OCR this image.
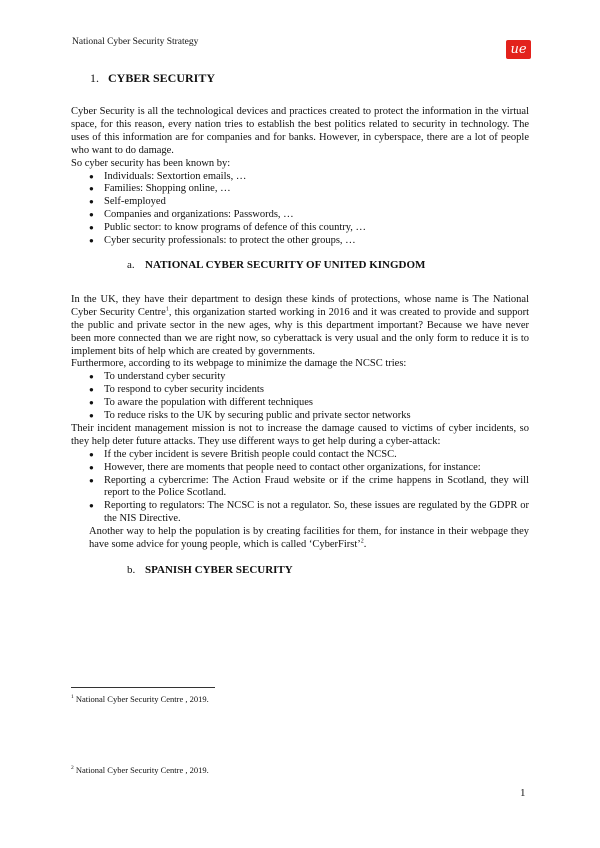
National Cyber Security Strategy	ue
1. CYBER SECURITY

Cyber Security is all the technological devices and practices created to protect the information in the virtual space, for this reason, every nation tries to establish the best politics related to security in technology. The uses of this information are for companies and for banks. However, in cyberspace, there are a lot of people who want to do damage.

So cyber security has been known by:

● Individuals: Sextortion emails, …
● Families: Shopping online, …
● Self-employed
● Companies and organizations: Passwords, …
● Public sector: to know programs of defence of this country, …
● Cyber security professionals: to protect the other groups, …

a. NATIONAL CYBER SECURITY OF UNITED KINGDOM

In the UK, they have their department to design these kinds of protections, whose name is The National Cyber Security Centre$^1$, this organization started working in 2016 and it was created to provide and support the public and private sector in the new ages, why is this department important? Because we have never been more connected than we are right now, so cyberattack is very usual and the only form to reduce it is to implement bits of help which are created by governments.

Furthermore, according to its webpage to minimize the damage the NCSC tries:

● To understand cyber security
● To respond to cyber security incidents
● To aware the population with different techniques
● To reduce risks to the UK by securing public and private sector networks

Their incident management mission is not to increase the damage caused to victims of cyber incidents, so they help deter future attacks. They use different ways to get help during a cyber-attack:

● If the cyber incident is severe British people could contact the NCSC.
● However, there are moments that people need to contact other organizations, for instance:
● Reporting a cybercrime: The Action Fraud website or if the crime happens in Scotland, they will report to the Police Scotland.
● Reporting to regulators: The NCSC is not a regulator. So, these issues are regulated by the GDPR or the NIS Directive.

Another way to help the population is by creating facilities for them, for instance in their webpage they have some advice for young people, which is called ‘CyberFirst’$^2$.

b. SPANISH CYBER SECURITY

$^1$ National Cyber Security Centre , 2019.
$^2$ National Cyber Security Centre , 2019.
1
